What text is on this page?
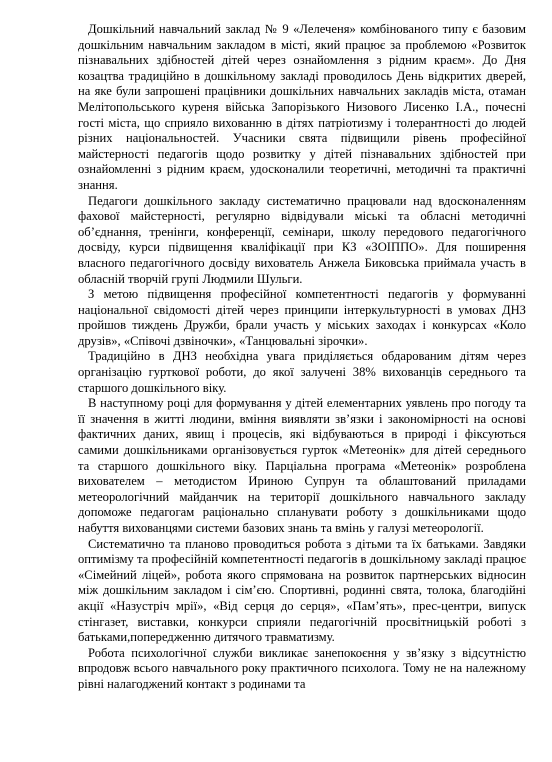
Дошкільний навчальний заклад № 9 «Лелеченя» комбінованого типу є базовим дошкільним навчальним закладом в місті, який працює за проблемою «Розвиток пізнавальних здібностей дітей через ознайомлення з рідним краєм». До Дня козацтва традиційно в дошкільному закладі проводилось День відкритих дверей, на яке були запрошені працівники дошкільних навчальних закладів міста, отаман Мелітопольського куреня війська Запорізького Низового Лисенко І.А., почесні гості міста, що сприяло вихованню в дітях патріотизму і толерантності до людей різних національностей. Учасники свята підвищили рівень професійної майстерності педагогів щодо розвитку у дітей пізнавальних здібностей при ознайомленні з рідним краєм, удосконалили теоретичні, методичні та практичні знання.

Педагоги дошкільного закладу систематично працювали над вдосконаленням фахової майстерності, регулярно відвідували міські та обласні методичні об’єднання, тренінги, конференції, семінари, школу передового педагогічного досвіду, курси підвищення кваліфікації при КЗ «ЗОІППО». Для поширення власного педагогічного досвіду вихователь Анжела Биковська приймала участь в обласній творчій групі Людмили Шульги.

З метою підвищення професійної компетентності педагогів у формуванні національної свідомості дітей через принципи інтеркультурності в умовах ДНЗ пройшов тиждень Дружби, брали участь у міських заходах і конкурсах «Коло друзів», «Співочі дзвіночки», «Танцювальні зірочки».

Традиційно в ДНЗ необхідна увага приділяється обдарованим дітям через організацію гурткової роботи, до якої залучені 38% вихованців середнього та старшого дошкільного віку.

В наступному році для формування у дітей елементарних уявлень про погоду та її значення в житті людини, вміння виявляти зв’язки і закономірності на основі фактичних даних, явищ і процесів, які відбуваються в природі і фіксуються самими дошкільниками організовується гурток «Метеонік» для дітей середнього та старшого дошкільного віку. Парціальна програма «Метеонік» розроблена вихователем – методистом Ириною Супрун та облаштований приладами метеорологічний майданчик на території дошкільного навчального закладу допоможе педагогам раціонально спланувати роботу з дошкільниками щодо набуття вихованцями системи базових знань та вмінь у галузі метеорології.

Систематично та планово проводиться робота з дітьми та їх батьками. Завдяки оптимізму та професійній компетентності педагогів в дошкільному закладі працює «Сімейний ліцей», робота якого спрямована на розвиток партнерських відносин між дошкільним закладом і сім’єю. Спортивні, родинні свята, толока, благодійні акції «Назустріч мрії», «Від серця до серця», «Пам’ять», прес-центри, випуск стінгазет, виставки, конкурси сприяли педагогічній просвітницькій роботі з батьками,попередженню дитячого травматизму.

Робота психологічної служби викликає занепокоєння у зв’язку з відсутністю впродовж всього навчального року практичного психолога. Тому не на належному рівні налагоджений контакт з родинами та
